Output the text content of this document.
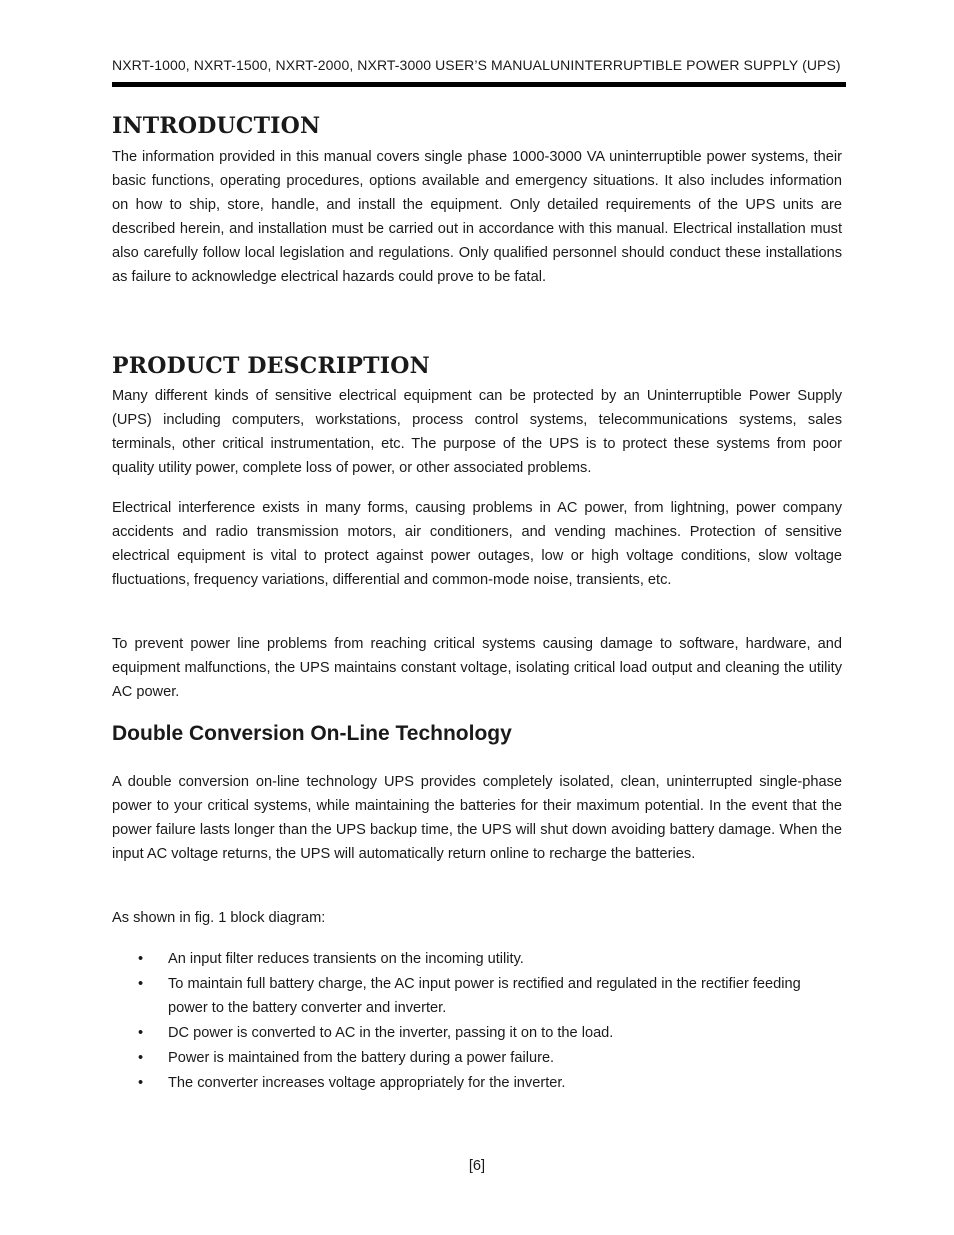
NXRT-1000, NXRT-1500, NXRT-2000, NXRT-3000 USER’S MANUALUNINTERRUPTIBLE POWER SUPPLY (UPS)
INTRODUCTION

The information provided in this manual covers single phase 1000-3000 VA uninterruptible power systems, their basic functions, operating procedures, options available and emergency situations. It also includes information on how to ship, store, handle, and install the equipment. Only detailed requirements of the UPS units are described herein, and installation must be carried out in accordance with this manual. Electrical installation must also carefully follow local legislation and regulations. Only qualified personnel should conduct these installations as failure to acknowledge electrical hazards could prove to be fatal.

PRODUCT DESCRIPTION

Many different kinds of sensitive electrical equipment can be protected by an Uninterruptible Power Supply (UPS) including computers, workstations, process control systems, telecommunications systems, sales terminals, other critical instrumentation, etc. The purpose of the UPS is to protect these systems from poor quality utility power, complete loss of power, or other associated problems.

Electrical interference exists in many forms, causing problems in AC power, from lightning, power company accidents and radio transmission motors, air conditioners, and vending machines. Protection of sensitive electrical equipment is vital to protect against power outages, low or high voltage conditions, slow voltage fluctuations, frequency variations, differential and common-mode noise, transients, etc.

To prevent power line problems from reaching critical systems causing damage to software, hardware, and equipment malfunctions, the UPS maintains constant voltage, isolating critical load output and cleaning the utility AC power.

Double Conversion On-Line Technology

A double conversion on-line technology UPS provides completely isolated, clean, uninterrupted single-phase power to your critical systems, while maintaining the batteries for their maximum potential. In the event that the power failure lasts longer than the UPS backup time, the UPS will shut down avoiding battery damage. When the input AC voltage returns, the UPS will automatically return online to recharge the batteries.

As shown in fig. 1 block diagram:

• An input filter reduces transients on the incoming utility.
• To maintain full battery charge, the AC input power is rectified and regulated in the rectifier feeding power to the battery converter and inverter.
• DC power is converted to AC in the inverter, passing it on to the load.
• Power is maintained from the battery during a power failure.
• The converter increases voltage appropriately for the inverter.
[6]
